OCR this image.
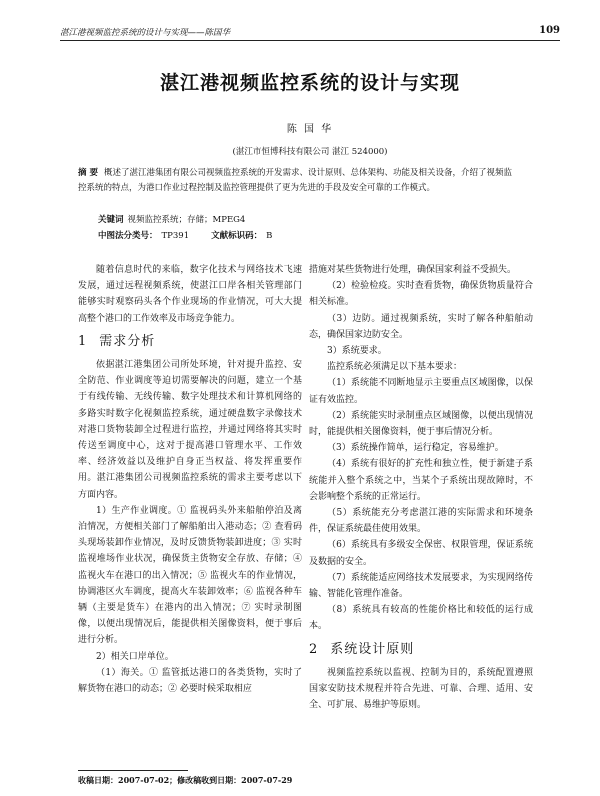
湛江港视频监控系统的设计与实现——陈国华	109
湛江港视频监控系统的设计与实现
陈 国 华
(湛江市恒博科技有限公司 湛江 524000)
摘 要 概述了湛江港集团有限公司视频监控系统的开发需求、设计原则、总体架构、功能及相关设备，介绍了视频监控系统的特点，为港口作业过程控制及监控管理提供了更为先进的手段及安全可靠的工作模式。
关键词 视频监控系统；存储；MPEG4
中图法分类号： TP391	文献标识码： B

随着信息时代的来临，数字化技术与网络技术飞速发展，通过远程视频系统，使湛江口岸各相关管理部门能够实时观察码头各个作业现场的作业情况，可大大提高整个港口的工作效率及市场竞争能力。

1 需求分析

依据湛江港集团公司所处环境，针对提升监控、安全防范、作业调度等迫切需要解决的问题，建立一个基于有线传输、无线传输、数字处理技术和计算机网络的多路实时数字化视频监控系统，通过硬盘数字录像技术对港口货物装卸全过程进行监控，并通过网络将其实时传送至调度中心，这对于提高港口管理水平、工作效率、经济效益以及维护自身正当权益、将发挥重要作用。湛江港集团公司视频监控系统的需求主要考虑以下方面内容。

1）生产作业调度。① 监视码头外来船舶停泊及离泊情况，方便相关部门了解船舶出入港动态；② 查看码头现场装卸作业情况，及时反馈货物装卸进度；③ 实时监视堆场作业状况，确保货主货物安全存放、存储；④ 监视火车在港口的出入情况；⑤ 监视火车的作业情况，协调港区火车调度，提高火车装卸效率；⑥ 监视各种车辆（主要是货车）在港内的出入情况；⑦ 实时录制图像，以便出现情况后，能提供相关图像资料，便于事后进行分析。

2）相关口岸单位。

（1）海关。① 监管抵达港口的各类货物，实时了解货物在港口的动态；② 必要时候采取相应

措施对某些货物进行处理，确保国家利益不受损失。

（2）检验检疫。实时查看货物，确保货物质量符合相关标准。

（3）边防。通过视频系统，实时了解各种船舶动态，确保国家边防安全。

3）系统要求。

监控系统必须满足以下基本要求：

（1）系统能不同断地显示主要重点区域图像，以保证有效监控。

（2）系统能实时录制重点区域图像，以便出现情况时，能提供相关图像资料，便于事后情况分析。

（3）系统操作简单，运行稳定，容易维护。

（4）系统有很好的扩充性和独立性，便于新建子系统能并入整个系统之中，当某个子系统出现故障时，不会影响整个系统的正常运行。

（5）系统能充分考虑湛江港的实际需求和环境条件，保证系统最佳使用效果。

（6）系统具有多级安全保密、权限管理，保证系统及数据的安全。

（7）系统能适应网络技术发展要求，为实现网络传输、智能化管理作准备。

（8）系统具有较高的性能价格比和较低的运行成本。

2 系统设计原则

视频监控系统以监视、控制为目的，系统配置遵照国家安防技术规程并符合先进、可靠、合理、适用、安全、可扩展、易维护等原则。

收稿日期：2007-07-02；修改稿收到日期：2007-07-29
